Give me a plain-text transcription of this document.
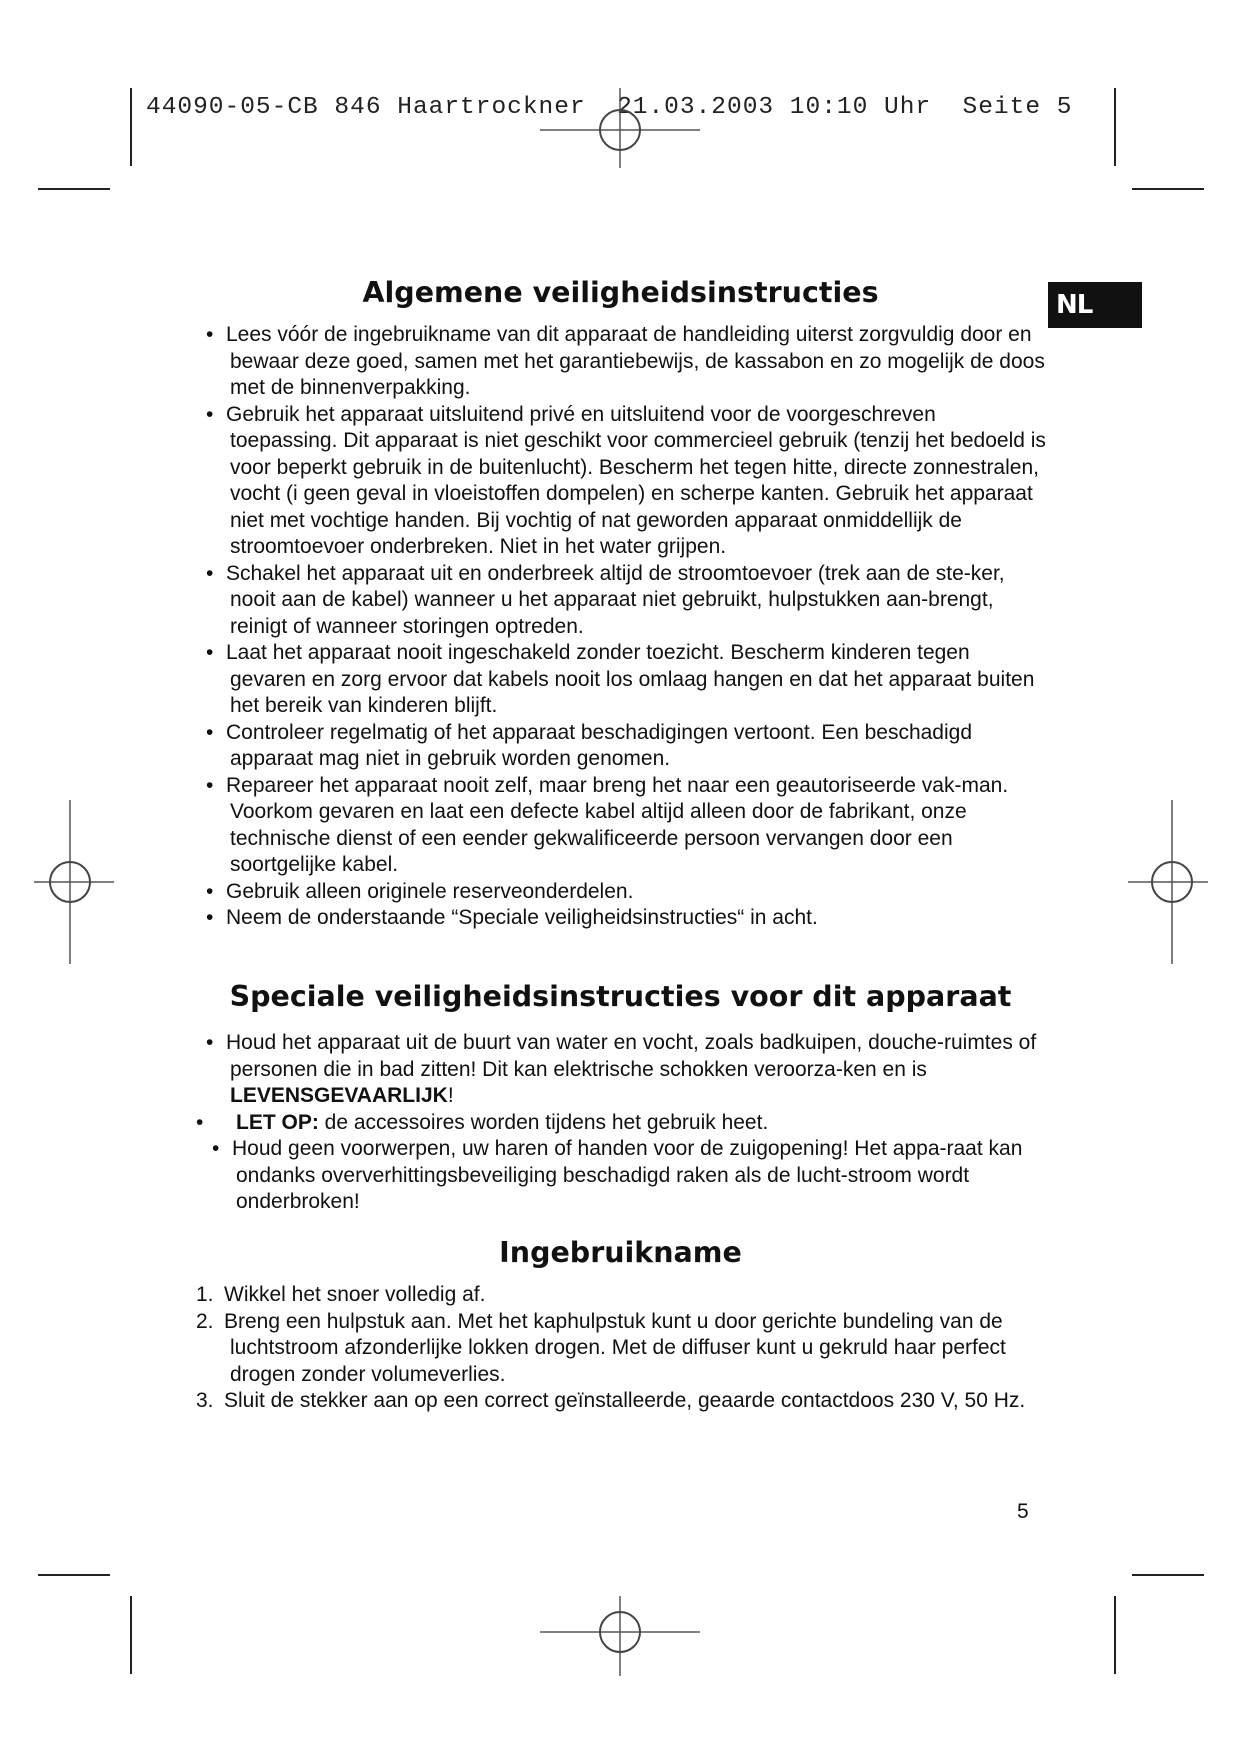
44090-05-CB 846 Haartrockner  21.03.2003 10:10 Uhr  Seite 5
NL
Algemene veiligheidsinstructies
• Lees vóór de ingebruikname van dit apparaat de handleiding uiterst zorgvuldig door en bewaar deze goed, samen met het garantiebewijs, de kassabon en zo mogelijk de doos met de binnenverpakking.
• Gebruik het apparaat uitsluitend privé en uitsluitend voor de voorgeschreven toepassing. Dit apparaat is niet geschikt voor commercieel gebruik (tenzij het bedoeld is voor beperkt gebruik in de buitenlucht). Bescherm het tegen hitte, directe zonnestralen, vocht (i geen geval in vloeistoffen dompelen) en scherpe kanten. Gebruik het apparaat niet met vochtige handen. Bij vochtig of nat geworden apparaat onmiddellijk de stroomtoevoer onderbreken. Niet in het water grijpen.
• Schakel het apparaat uit en onderbreek altijd de stroomtoevoer (trek aan de ste-ker, nooit aan de kabel) wanneer u het apparaat niet gebruikt, hulpstukken aan-brengt, reinigt of wanneer storingen optreden.
• Laat het apparaat nooit ingeschakeld zonder toezicht. Bescherm kinderen tegen gevaren en zorg ervoor dat kabels nooit los omlaag hangen en dat het apparaat buiten het bereik van kinderen blijft.
• Controleer regelmatig of het apparaat beschadigingen vertoont. Een beschadigd apparaat mag niet in gebruik worden genomen.
• Repareer het apparaat nooit zelf, maar breng het naar een geautoriseerde vak-man. Voorkom gevaren en laat een defecte kabel altijd alleen door de fabrikant, onze technische dienst of een eender gekwalificeerde persoon vervangen door een soortgelijke kabel.
• Gebruik alleen originele reserveonderdelen.
• Neem de onderstaande “Speciale veiligheidsinstructies“ in acht.
Speciale veiligheidsinstructies voor dit apparaat
• Houd het apparaat uit de buurt van water en vocht, zoals badkuipen, douche-ruimtes of personen die in bad zitten! Dit kan elektrische schokken veroorza-ken en is LEVENSGEVAARLIJK!
• LET OP: de accessoires worden tijdens het gebruik heet.
• Houd geen voorwerpen, uw haren of handen voor de zuigopening! Het appa-raat kan ondanks oververhittingsbeveiliging beschadigd raken als de lucht-stroom wordt onderbroken!
Ingebruikname
1. Wikkel het snoer volledig af.
2. Breng een hulpstuk aan. Met het kaphulpstuk kunt u door gerichte bundeling van de luchtstroom afzonderlijke lokken drogen. Met de diffuser kunt u gekruld haar perfect drogen zonder volumeverlies.
3. Sluit de stekker aan op een correct geïnstalleerde, geaarde contactdoos 230 V, 50 Hz.
5
